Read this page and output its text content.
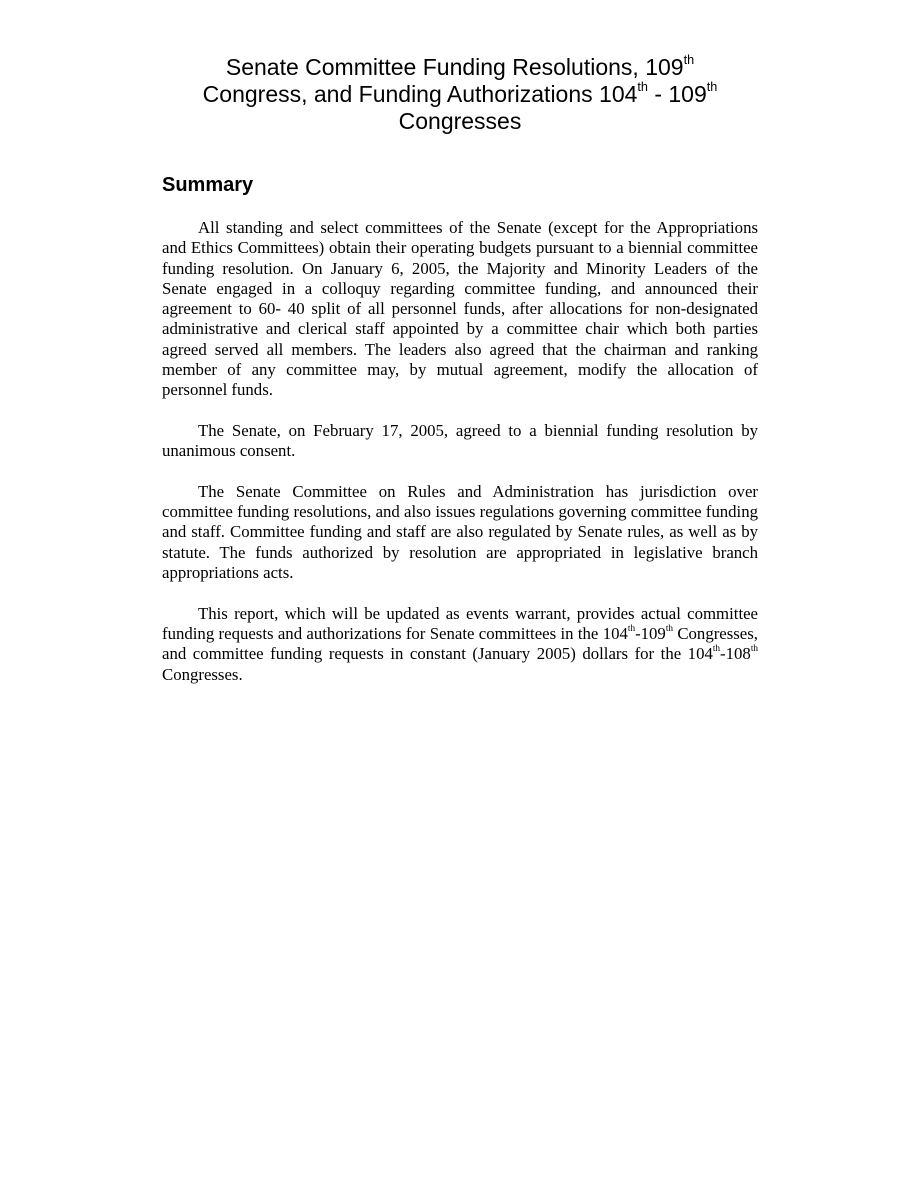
Senate Committee Funding Resolutions, 109th
Congress, and Funding Authorizations 104th - 109th
Congresses
Summary

All standing and select committees of the Senate (except for the Appropriations and Ethics Committees) obtain their operating budgets pursuant to a biennial committee funding resolution. On January 6, 2005, the Majority and Minority Leaders of the Senate engaged in a colloquy regarding committee funding, and announced their agreement to 60- 40 split of all personnel funds, after allocations for non-designated administrative and clerical staff appointed by a committee chair which both parties agreed served all members. The leaders also agreed that the chairman and ranking member of any committee may, by mutual agreement, modify the allocation of personnel funds.

The Senate, on February 17, 2005, agreed to a biennial funding resolution by unanimous consent.

The Senate Committee on Rules and Administration has jurisdiction over committee funding resolutions, and also issues regulations governing committee funding and staff. Committee funding and staff are also regulated by Senate rules, as well as by statute. The funds authorized by resolution are appropriated in legislative branch appropriations acts.

This report, which will be updated as events warrant, provides actual committee funding requests and authorizations for Senate committees in the 104th-109th Congresses, and committee funding requests in constant (January 2005) dollars for the 104th-108th Congresses.
